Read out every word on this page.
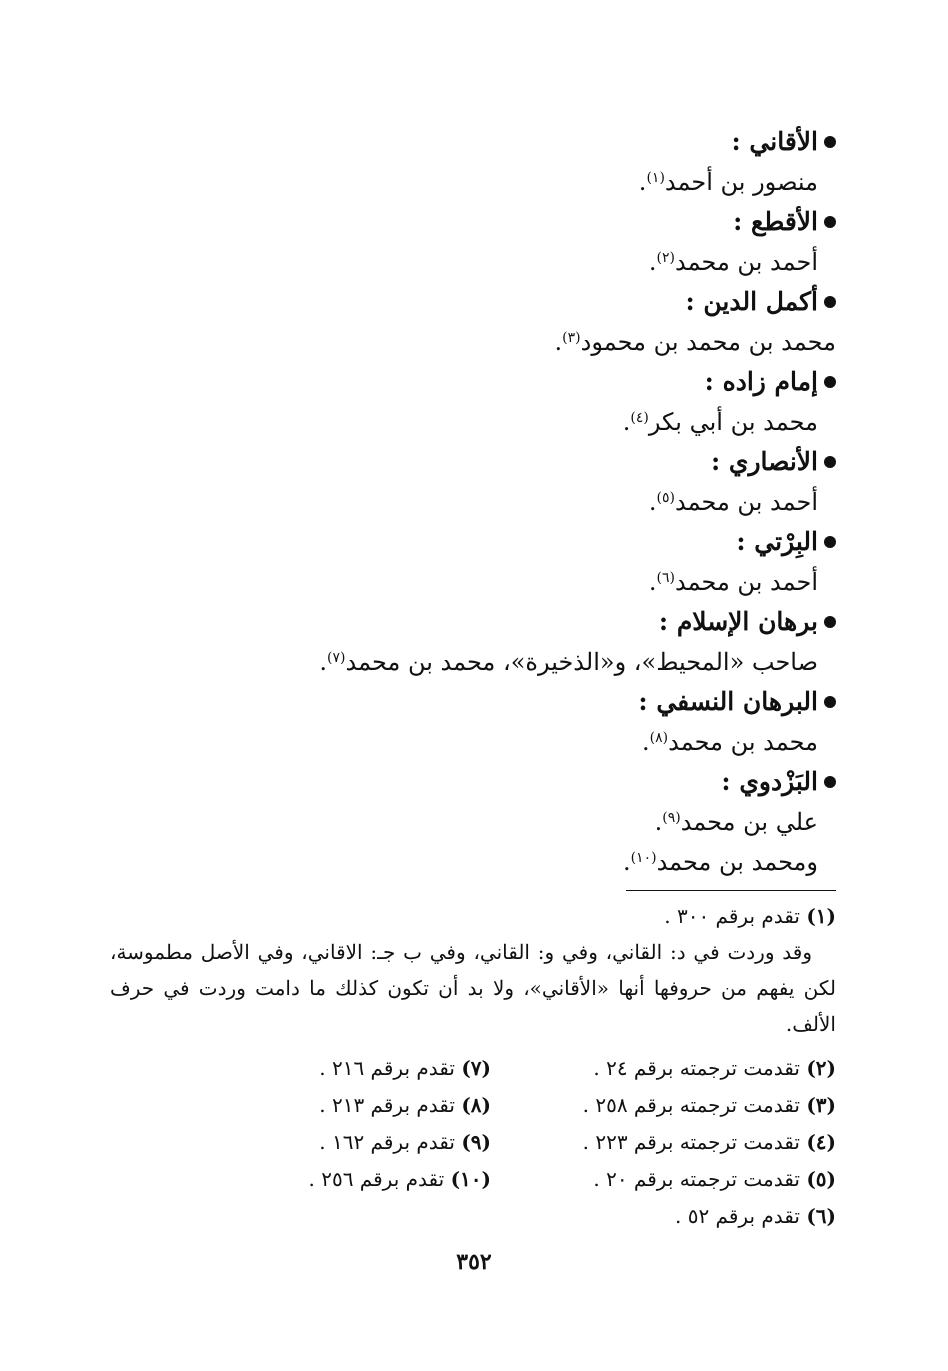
الأقاني :
منصور بن أحمد$^{(١)}$.
الأقطع :
أحمد بن محمد$^{(٢)}$.
أكمل الدين :
محمد بن محمد بن محمود$^{(٣)}$.
إمام زاده :
محمد بن أبي بكر$^{(٤)}$.
الأنصاري :
أحمد بن محمد$^{(٥)}$.
البِرْتي :
أحمد بن محمد$^{(٦)}$.
برهان الإسلام :
صاحب «المحيط»، و«الذخيرة»، محمد بن محمد$^{(٧)}$.
البرهان النسفي :
محمد بن محمد$^{(٨)}$.
البَزْدوي :
علي بن محمد$^{(٩)}$.
ومحمد بن محمد$^{(١٠)}$.
(١) تقدم برقم ٣٠٠ .
وقد وردت في د: القاني، وفي و: القاني، وفي ب جـ: الاقاني، وفي الأصل مطموسة، لكن يفهم من حروفها أنها «الأقاني»، ولا بد أن تكون كذلك ما دامت وردت في حرف الألف.
(٢) تقدمت ترجمته برقم ٢٤ .
(٣) تقدمت ترجمته برقم ٢٥٨ .
(٤) تقدمت ترجمته برقم ٢٢٣ .
(٥) تقدمت ترجمته برقم ٢٠ .
(٦) تقدم برقم ٥٢ .
(٧) تقدم برقم ٢١٦ .
(٨) تقدم برقم ٢١٣ .
(٩) تقدم برقم ١٦٢ .
(١٠) تقدم برقم ٢٥٦ .
٣٥٢
